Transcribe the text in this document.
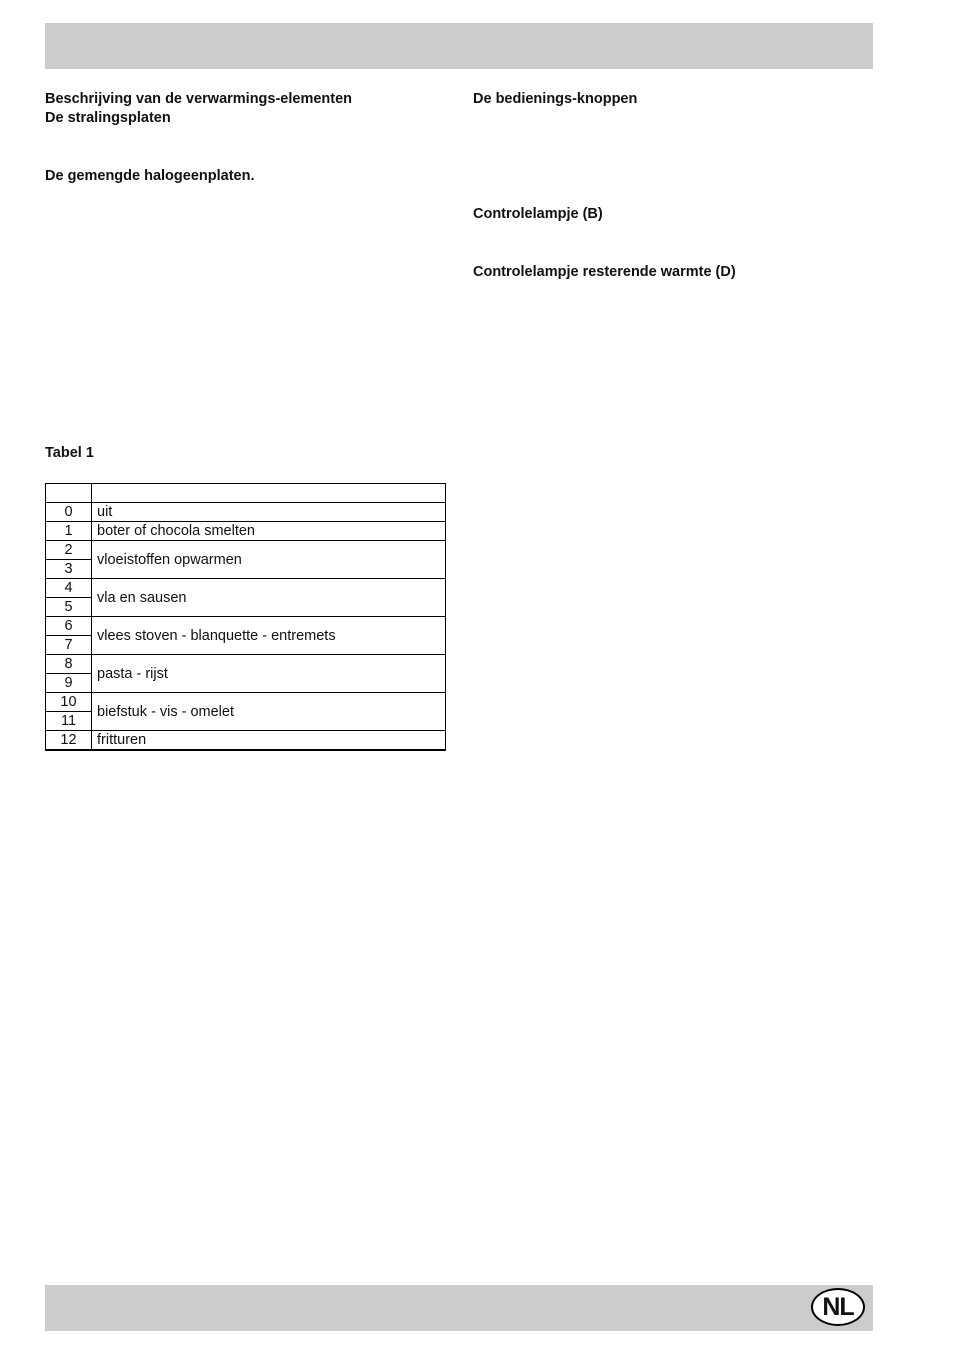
Beschrijving van de verwarmings-elementen

De stralingsplaten

De gemengde halogeenplaten.

De bedienings-knoppen

Controlelampje (B)

Controlelampje resterende warmte (D)

Tabel 1

0	uit
1	boter of chocola smelten
2	vloeistoffen opwarmen
3	
4	vla en sausen
5	
6	vlees stoven - blanquette - entremets
7	
8	pasta - rijst
9	
10	biefstuk - vis - omelet
11	
12	fritturen
NL
